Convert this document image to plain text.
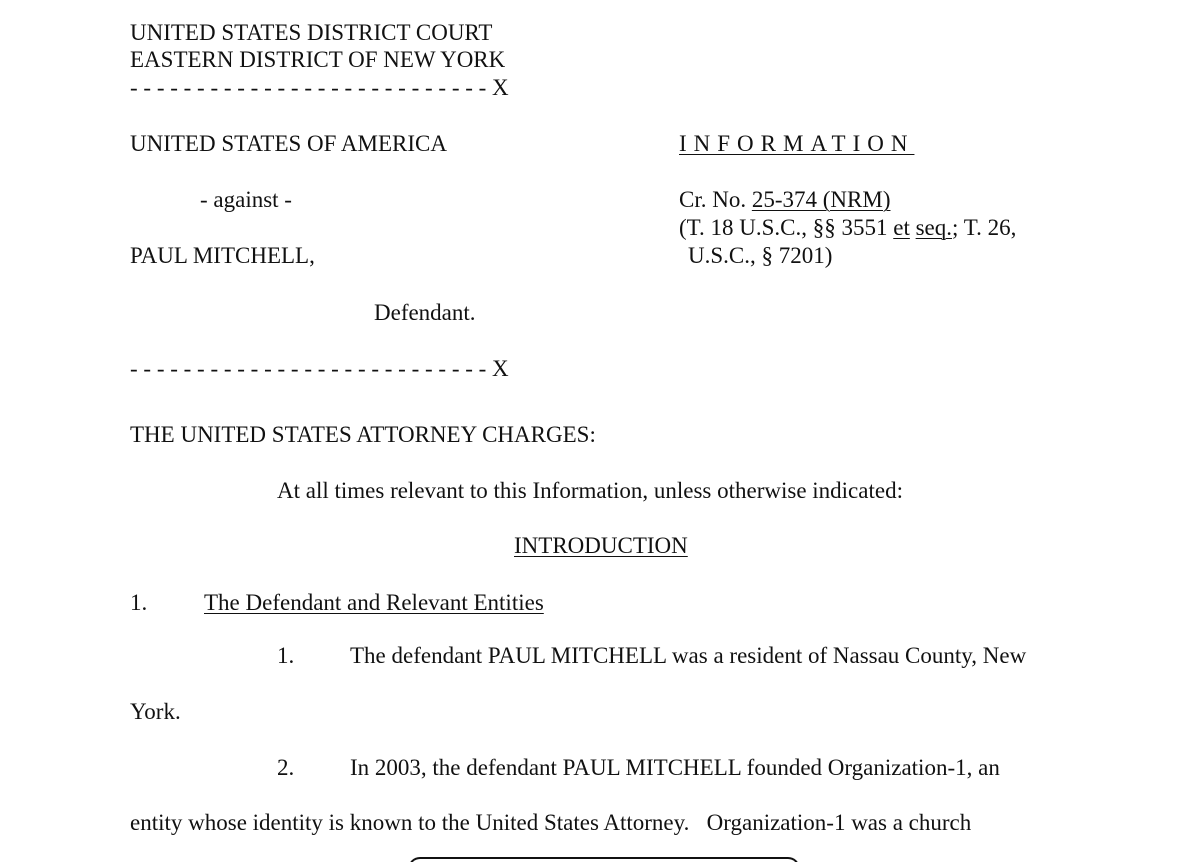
UNITED STATES DISTRICT COURT

EASTERN DISTRICT OF NEW YORK

- - - - - - - - - - - - - - - - - - - - - - - - - - - X

UNITED STATES OF AMERICA

- against -

PAUL MITCHELL,

Defendant.

- - - - - - - - - - - - - - - - - - - - - - - - - - - X

INFORMATION

Cr. No. 25-374 (NRM)

(T. 18 U.S.C., §§ 3551 et seq.; T. 26,

U.S.C., § 7201)

THE UNITED STATES ATTORNEY CHARGES:

At all times relevant to this Information, unless otherwise indicated:

INTRODUCTION

1. The Defendant and Relevant Entities

1. The defendant PAUL MITCHELL was a resident of Nassau County, New

York.

2. In 2003, the defendant PAUL MITCHELL founded Organization-1, an

entity whose identity is known to the United States Attorney.   Organization-1 was a church
